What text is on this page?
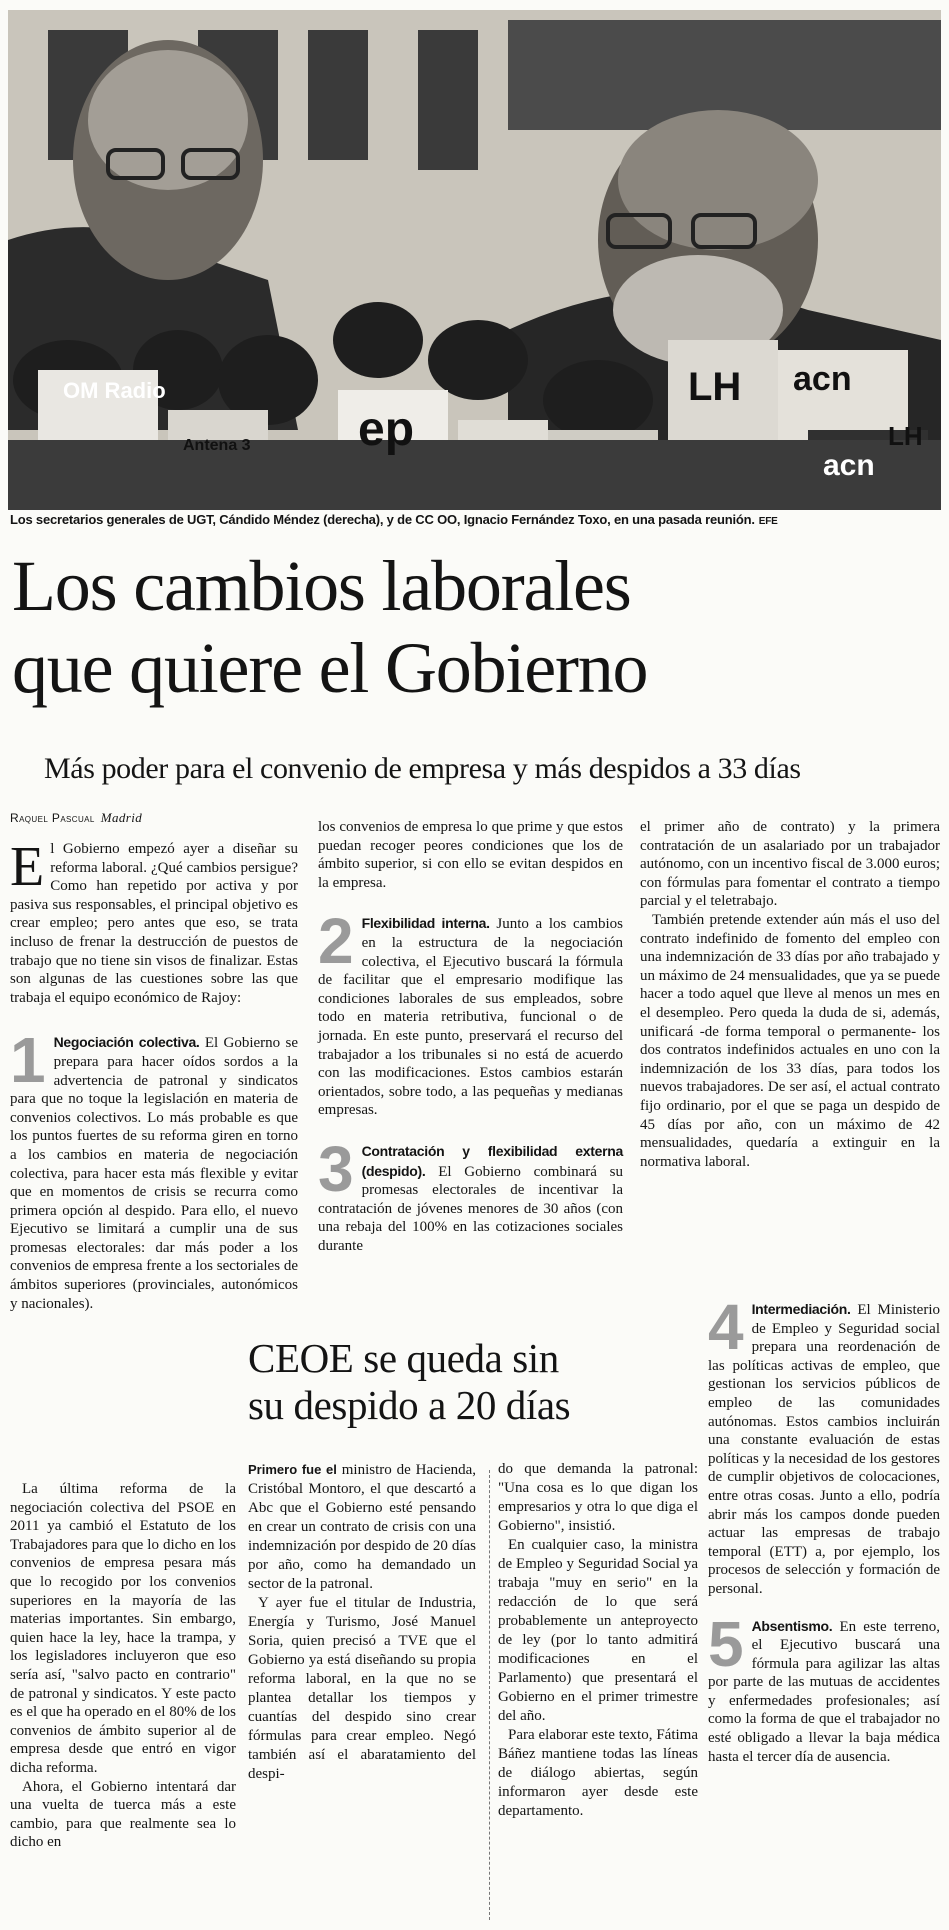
OM Radio
ep
LH acn
acn
LH
Antena 3
Los secretarios generales de UGT, Cándido Méndez (derecha), y de CC OO, Ignacio Fernández Toxo, en una pasada reunión. EFE
Los cambios laborales
que quiere el Gobierno
Más poder para el convenio de empresa y más despidos a 33 días
Raquel Pascual Madrid

El Gobierno empezó ayer a diseñar su reforma laboral. ¿Qué cambios persigue? Como han repetido por activa y por pasiva sus responsables, el principal objetivo es crear empleo; pero antes que eso, se trata incluso de frenar la destrucción de puestos de trabajo que no tiene sin visos de finalizar. Estas son algunas de las cuestiones sobre las que trabaja el equipo económico de Rajoy:

1 Negociación colectiva. El Gobierno se prepara para hacer oídos sordos a la advertencia de patronal y sindicatos para que no toque la legislación en materia de convenios colectivos. Lo más probable es que los puntos fuertes de su reforma giren en torno a los cambios en materia de negociación colectiva, para hacer esta más flexible y evitar que en momentos de crisis se recurra como primera opción al despido. Para ello, el nuevo Ejecutivo se limitará a cumplir una de sus promesas electorales: dar más poder a los convenios de empresa frente a los sectoriales de ámbitos superiores (provinciales, autonómicos y nacionales).

La última reforma de la negociación colectiva del PSOE en 2011 ya cambió el Estatuto de los Trabajadores para que lo dicho en los convenios de empresa pesara más que lo recogido por los convenios superiores en la mayoría de las materias importantes. Sin embargo, quien hace la ley, hace la trampa, y los legisladores incluyeron que eso sería así, "salvo pacto en contrario" de patronal y sindicatos. Y este pacto es el que ha operado en el 80% de los convenios de ámbito superior al de empresa desde que entró en vigor dicha reforma.

Ahora, el Gobierno intentará dar una vuelta de tuerca más a este cambio, para que realmente sea lo dicho en

los convenios de empresa lo que prime y que estos puedan recoger peores condiciones que los de ámbito superior, si con ello se evitan despidos en la empresa.

2 Flexibilidad interna. Junto a los cambios en la estructura de la negociación colectiva, el Ejecutivo buscará la fórmula de facilitar que el empresario modifique las condiciones laborales de sus empleados, sobre todo en materia retributiva, funcional o de jornada. En este punto, preservará el recurso del trabajador a los tribunales si no está de acuerdo con las modificaciones. Estos cambios estarán orientados, sobre todo, a las pequeñas y medianas empresas.

3 Contratación y flexibilidad externa (despido). El Gobierno combinará su promesas electorales de incentivar la contratación de jóvenes menores de 30 años (con una rebaja del 100% en las cotizaciones sociales durante

el primer año de contrato) y la primera contratación de un asalariado por un trabajador autónomo, con un incentivo fiscal de 3.000 euros; con fórmulas para fomentar el contrato a tiempo parcial y el teletrabajo.

También pretende extender aún más el uso del contrato indefinido de fomento del empleo con una indemnización de 33 días por año trabajado y un máximo de 24 mensualidades, que ya se puede hacer a todo aquel que lleve al menos un mes en el desempleo. Pero queda la duda de si, además, unificará -de forma temporal o permanente- los dos contratos indefinidos actuales en uno con la indemnización de los 33 días, para todos los nuevos trabajadores. De ser así, el actual contrato fijo ordinario, por el que se paga un despido de 45 días por año, con un máximo de 42 mensualidades, quedaría a extinguir en la normativa laboral.

4 Intermediación. El Ministerio de Empleo y Seguridad social prepara una reordenación de las políticas activas de empleo, que gestionan los servicios públicos de empleo de las comunidades autónomas. Estos cambios incluirán una constante evaluación de estas políticas y la necesidad de los gestores de cumplir objetivos de colocaciones, entre otras cosas. Junto a ello, podría abrir más los campos donde pueden actuar las empresas de trabajo temporal (ETT) a, por ejemplo, los procesos de selección y formación de personal.

5 Absentismo. En este terreno, el Ejecutivo buscará una fórmula para agilizar las altas por parte de las mutuas de accidentes y enfermedades profesionales; así como la forma de que el trabajador no esté obligado a llevar la baja médica hasta el tercer día de ausencia.

CEOE se queda sin
su despido a 20 días

Primero fue el ministro de Hacienda, Cristóbal Montoro, el que descartó a Abc que el Gobierno esté pensando en crear un contrato de crisis con una indemnización por despido de 20 días por año, como ha demandado un sector de la patronal.

Y ayer fue el titular de Industria, Energía y Turismo, José Manuel Soria, quien precisó a TVE que el Gobierno ya está diseñando su propia reforma laboral, en la que no se plantea detallar los tiempos y cuantías del despido sino crear fórmulas para crear empleo. Negó también así el abaratamiento del despi-

do que demanda la patronal: "Una cosa es lo que digan los empresarios y otra lo que diga el Gobierno", insistió.

En cualquier caso, la ministra de Empleo y Seguridad Social ya trabaja "muy en serio" en la redacción de lo que será probablemente un anteproyecto de ley (por lo tanto admitirá modificaciones en el Parlamento) que presentará el Gobierno en el primer trimestre del año.

Para elaborar este texto, Fátima Báñez mantiene todas las líneas de diálogo abiertas, según informaron ayer desde este departamento.
